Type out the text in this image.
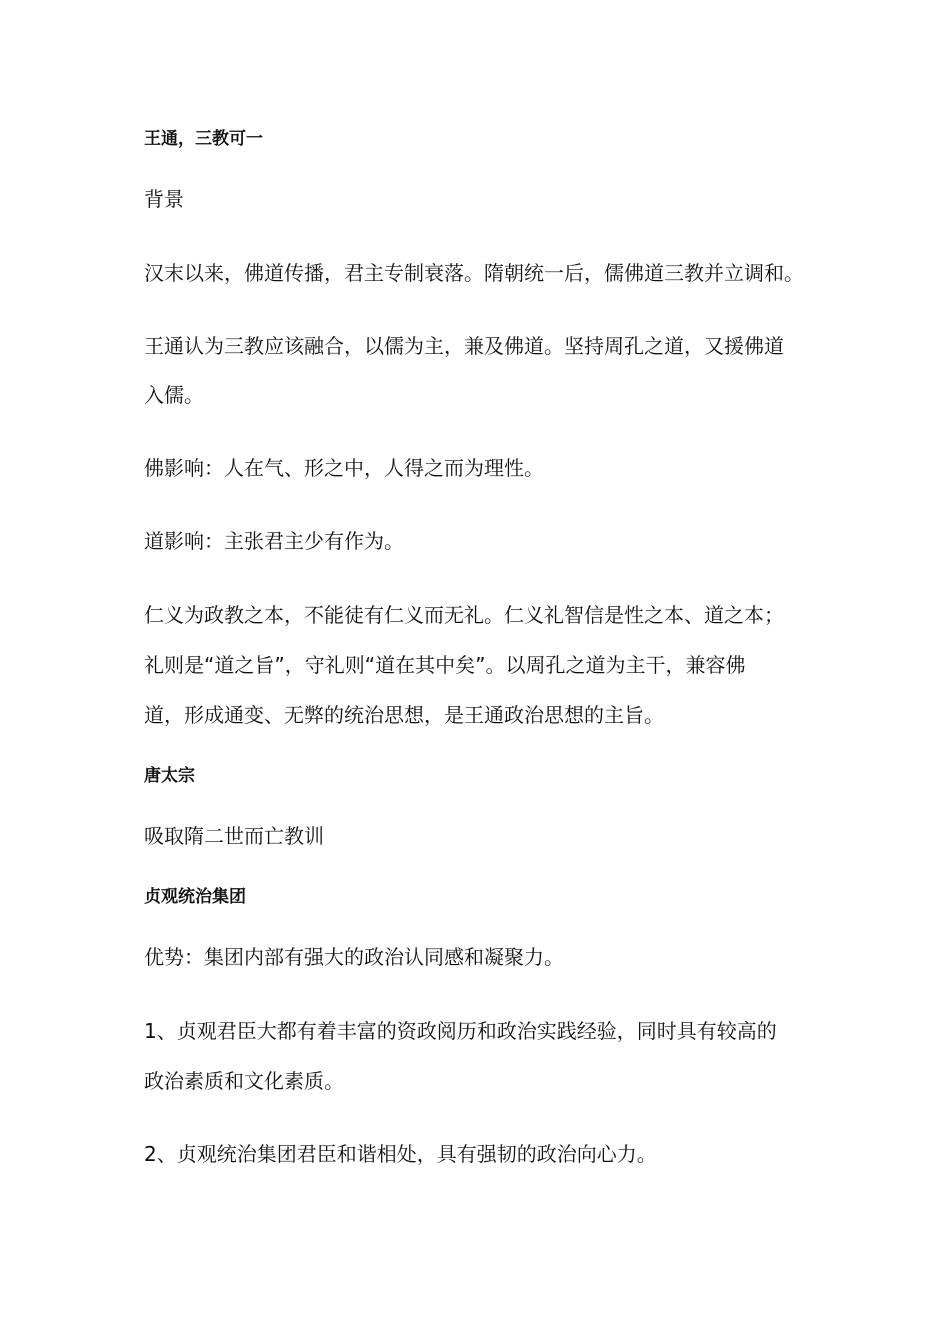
王通，三教可一
背景
汉末以来，佛道传播，君主专制衰落。隋朝统一后，儒佛道三教并立调和。
王通认为三教应该融合，以儒为主，兼及佛道。坚持周孔之道，又援佛道
入儒。
佛影响：人在气、形之中，人得之而为理性。
道影响：主张君主少有作为。
仁义为政教之本，不能徒有仁义而无礼。仁义礼智信是性之本、道之本；
礼则是“道之旨”，守礼则“道在其中矣”。以周孔之道为主干，兼容佛
道，形成通变、无弊的统治思想，是王通政治思想的主旨。
唐太宗
吸取隋二世而亡教训
贞观统治集团
优势：集团内部有强大的政治认同感和凝聚力。
1、贞观君臣大都有着丰富的资政阅历和政治实践经验，同时具有较高的
政治素质和文化素质。
2、贞观统治集团君臣和谐相处，具有强韧的政治向心力。
